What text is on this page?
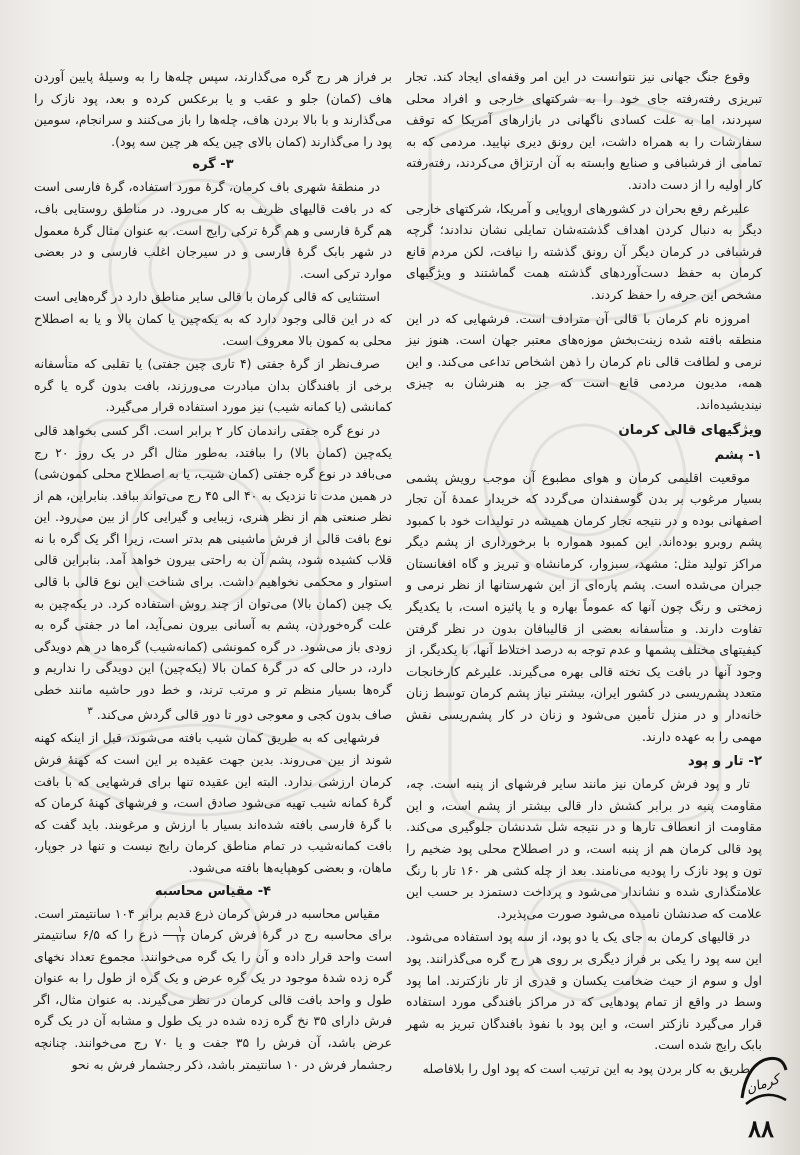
وقوع جنگ جهانی نیز نتوانست در این امر وقفه‌ای ایجاد کند. تجار تبریزی رفته‌رفته جای خود را به شرکتهای خارجی و افراد محلی سپردند، اما به علت کسادی ناگهانی در بازارهای آمریکا که توقف سفارشات را به همراه داشت، این رونق دیری نپایید. مردمی که به تمامی از فرشبافی و صنایع وابسته به آن ارتزاق می‌کردند، رفته‌رفته کار اولیه را از دست دادند.

علیرغم رفع بحران در کشورهای اروپایی و آمریکا، شرکتهای خارجی دیگر به دنبال کردن اهداف گذشته‌شان تمایلی نشان ندادند؛ گرچه فرشبافی در کرمان دیگر آن رونق گذشته را نیافت، لکن مردم قانع کرمان به حفظ دست‌آوردهای گذشته همت گماشتند و ویژگیهای مشخص این حرفه را حفظ کردند.

امروزه نام کرمان با قالی آن مترادف است. فرشهایی که در این منطقه بافته شده زینت‌بخش موزه‌های معتبر جهان است. هنوز نیز نرمی و لطافت قالی نام کرمان را ذهن اشخاص تداعی می‌کند. و این همه، مدیون مردمی قانع است که جز به هنرشان به چیزی نیندیشیده‌اند.

ویژگیهای قالی کرمان
۱- پشم

موقعیت اقلیمی کرمان و هوای مطبوع آن موجب رویش پشمی بسیار مرغوب بر بدن گوسفندان می‌گردد که خریدار عمدهٔ آن تجار اصفهانی بوده و در نتیجه تجار کرمان همیشه در تولیدات خود با کمبود پشم روبرو بوده‌اند. این کمبود همواره با برخورداری از پشم دیگر مراکز تولید مثل: مشهد، سبزوار، کرمانشاه و تبریز و گاه افغانستان جبران می‌شده است. پشم پاره‌ای از این شهرستانها از نظر نرمی و زمختی و رنگ چون آنها که عموماً بهاره و یا پائیزه است، با یکدیگر تفاوت دارند. و متأسفانه بعضی از قالیبافان بدون در نظر گرفتن کیفیتهای مختلف پشمها و عدم توجه به درصد اختلاط آنها، با یکدیگر، از وجود آنها در بافت یک تخته قالی بهره می‌گیرند. علیرغم کارخانجات متعدد پشم‌ریسی در کشور ایران، بیشتر نیاز پشم کرمان توسط زنان خانه‌دار و در منزل تأمین می‌شود و زنان در کار پشم‌ریسی نقش مهمی را به عهده دارند.

۲- تار و پود

تار و پود فرش کرمان نیز مانند سایر فرشهای از پنبه است. چه، مقاومت پنبه در برابر کشش دار قالی بیشتر از پشم است، و این مقاومت از انعطاف تارها و در نتیجه شل شدنشان جلوگیری می‌کند. پود قالی کرمان هم از پنبه است، و در اصطلاح محلی پود ضخیم را تون و پود نازک را پودیه می‌نامند. بعد از چله کشی هر ۱۶۰ تار با رنگ علامتگذاری شده و نشاندار می‌شود و پرداخت دستمزد بر حسب این علامت که صدنشان نامیده می‌شود صورت می‌پذیرد.

در قالیهای کرمان به جای یک یا دو پود، از سه پود استفاده می‌شود. این سه پود را یکی بر فراز دیگری بر روی هر رج گره می‌گذرانند. پود اول و سوم از حیث ضخامت یکسان و قدری از تار نازکترند. اما پود وسط در واقع از تمام پودهایی که در مراکز بافندگی مورد استفاده قرار می‌گیرد نازکتر است، و این پود با نفوذ بافندگان تبریز به شهر بابک رایج شده است.

طریق به کار بردن پود به این ترتیب است که پود اول را بلافاصله

بر فراز هر رج گره می‌گذارند، سپس چله‌ها را به وسیلهٔ پایین آوردن هاف (کمان) جلو و عقب و یا برعکس کرده و بعد، پود نازک را می‌گذارند و با بالا بردن هاف، چله‌ها را باز می‌کنند و سرانجام، سومین پود را می‌گذارند (کمان بالای چین یکه هر چین سه پود).

۳- گره

در منطقهٔ شهری باف کرمان، گرهٔ مورد استفاده، گرهٔ فارسی است که در بافت قالیهای ظریف به کار می‌رود. در مناطق روستایی باف، هم گرهٔ فارسی و هم گرهٔ ترکی رایج است. به عنوان مثال گرهٔ معمول در شهر بابک گرهٔ فارسی و در سیرجان اغلب فارسی و در بعضی موارد ترکی است.

استثنایی که قالی کرمان با قالی سایر مناطق دارد در گره‌هایی است که در این قالی وجود دارد که به یکه‌چین یا کمان بالا و یا به اصطلاح محلی به کمون بالا معروف است.

صرف‌نظر از گرهٔ جفتی (۴ تاری چین جفتی) یا تقلبی که متأسفانه برخی از بافندگان بدان مبادرت می‌ورزند، بافت بدون گره یا گره کمانشی (یا کمانه شیب) نیز مورد استفاده قرار می‌گیرد.

در نوع گره جفتی راندمان کار ۲ برابر است. اگر کسی بخواهد قالی یکه‌چین (کمان بالا) را ببافتد، به‌طور مثال اگر در یک روز ۲۰ رج می‌بافد در نوع گره جفتی (کمان شیب، یا به اصطلاح محلی کمون‌شی) در همین مدت تا نزدیک به ۴۰ الی ۴۵ رج می‌تواند ببافد. بنابراین، هم از نظر صنعتی هم از نظر هنری، زیبایی و گیرایی کار از بین می‌رود. این نوع بافت قالی از فرش ماشینی هم بدتر است، زیرا اگر یک گره با نه قلاب کشیده شود، پشم آن به راحتی بیرون خواهد آمد. بنابراین قالی استوار و محکمی نخواهیم داشت. برای شناخت این نوع قالی با قالی یک چین (کمان بالا) می‌توان از چند روش استفاده کرد. در یکه‌چین به علت گره‌خوردن، پشم به آسانی بیرون نمی‌آید، اما در جفتی گره به زودی باز می‌شود. در گره کمونشی (کمانه‌شیب) گره‌ها در هم دویدگی دارد، در حالی که در گرهٔ کمان بالا (یکه‌چین) این دویدگی را نداریم و گره‌ها بسیار منظم تر و مرتب ترند، و خط دور حاشیه مانند خطی صاف بدون کجی و معوجی دور تا دور قالی گردش می‌کند. $^۳$

فرشهایی که به طریق کمان شیب بافته می‌شوند، قبل از اینکه کهنه شوند از بین می‌روند. بدین جهت عقیده بر این است که کهنهٔ فرش کرمان ارزشی ندارد. البته این عقیده تنها برای فرشهایی که با بافت گرهٔ کمانه شیب تهیه می‌شود صادق است، و فرشهای کهنهٔ کرمان که با گرهٔ فارسی بافته شده‌اند بسیار با ارزش و مرغوبند. باید گفت که بافت کمانه‌شیب در تمام مناطق کرمان رایج نیست و تنها در جوپار، ماهان، و بعضی کوهپایه‌ها بافته می‌شود.

۴- مقیاس محاسبه

مقیاس محاسبه در فرش کرمان ذرع قدیم برابر ۱۰۴ سانتیمتر است. برای محاسبه رج در گرهٔ فرش کرمان
$\frac{۱}{۱۶}$
ذرع را که ۶/۵ سانتیمتر است واحد قرار داده و آن را یک گره می‌خوانند. مجموع تعداد نخهای گره زده شدهٔ موجود در یک گره عرض و یک گره از طول را به عنوان طول و واحد بافت قالی کرمان در نظر می‌گیرند. به عنوان مثال، اگر فرش دارای ۳۵ نخ گره زده شده در یک طول و مشابه آن در یک گره عرض باشد، آن فرش را ۳۵ جفت و یا ۷۰ رج می‌خوانند. چنانچه رجشمار فرش در ۱۰ سانتیمتر باشد، ذکر رجشمار فرش به نحو

کرمان
۸۸
